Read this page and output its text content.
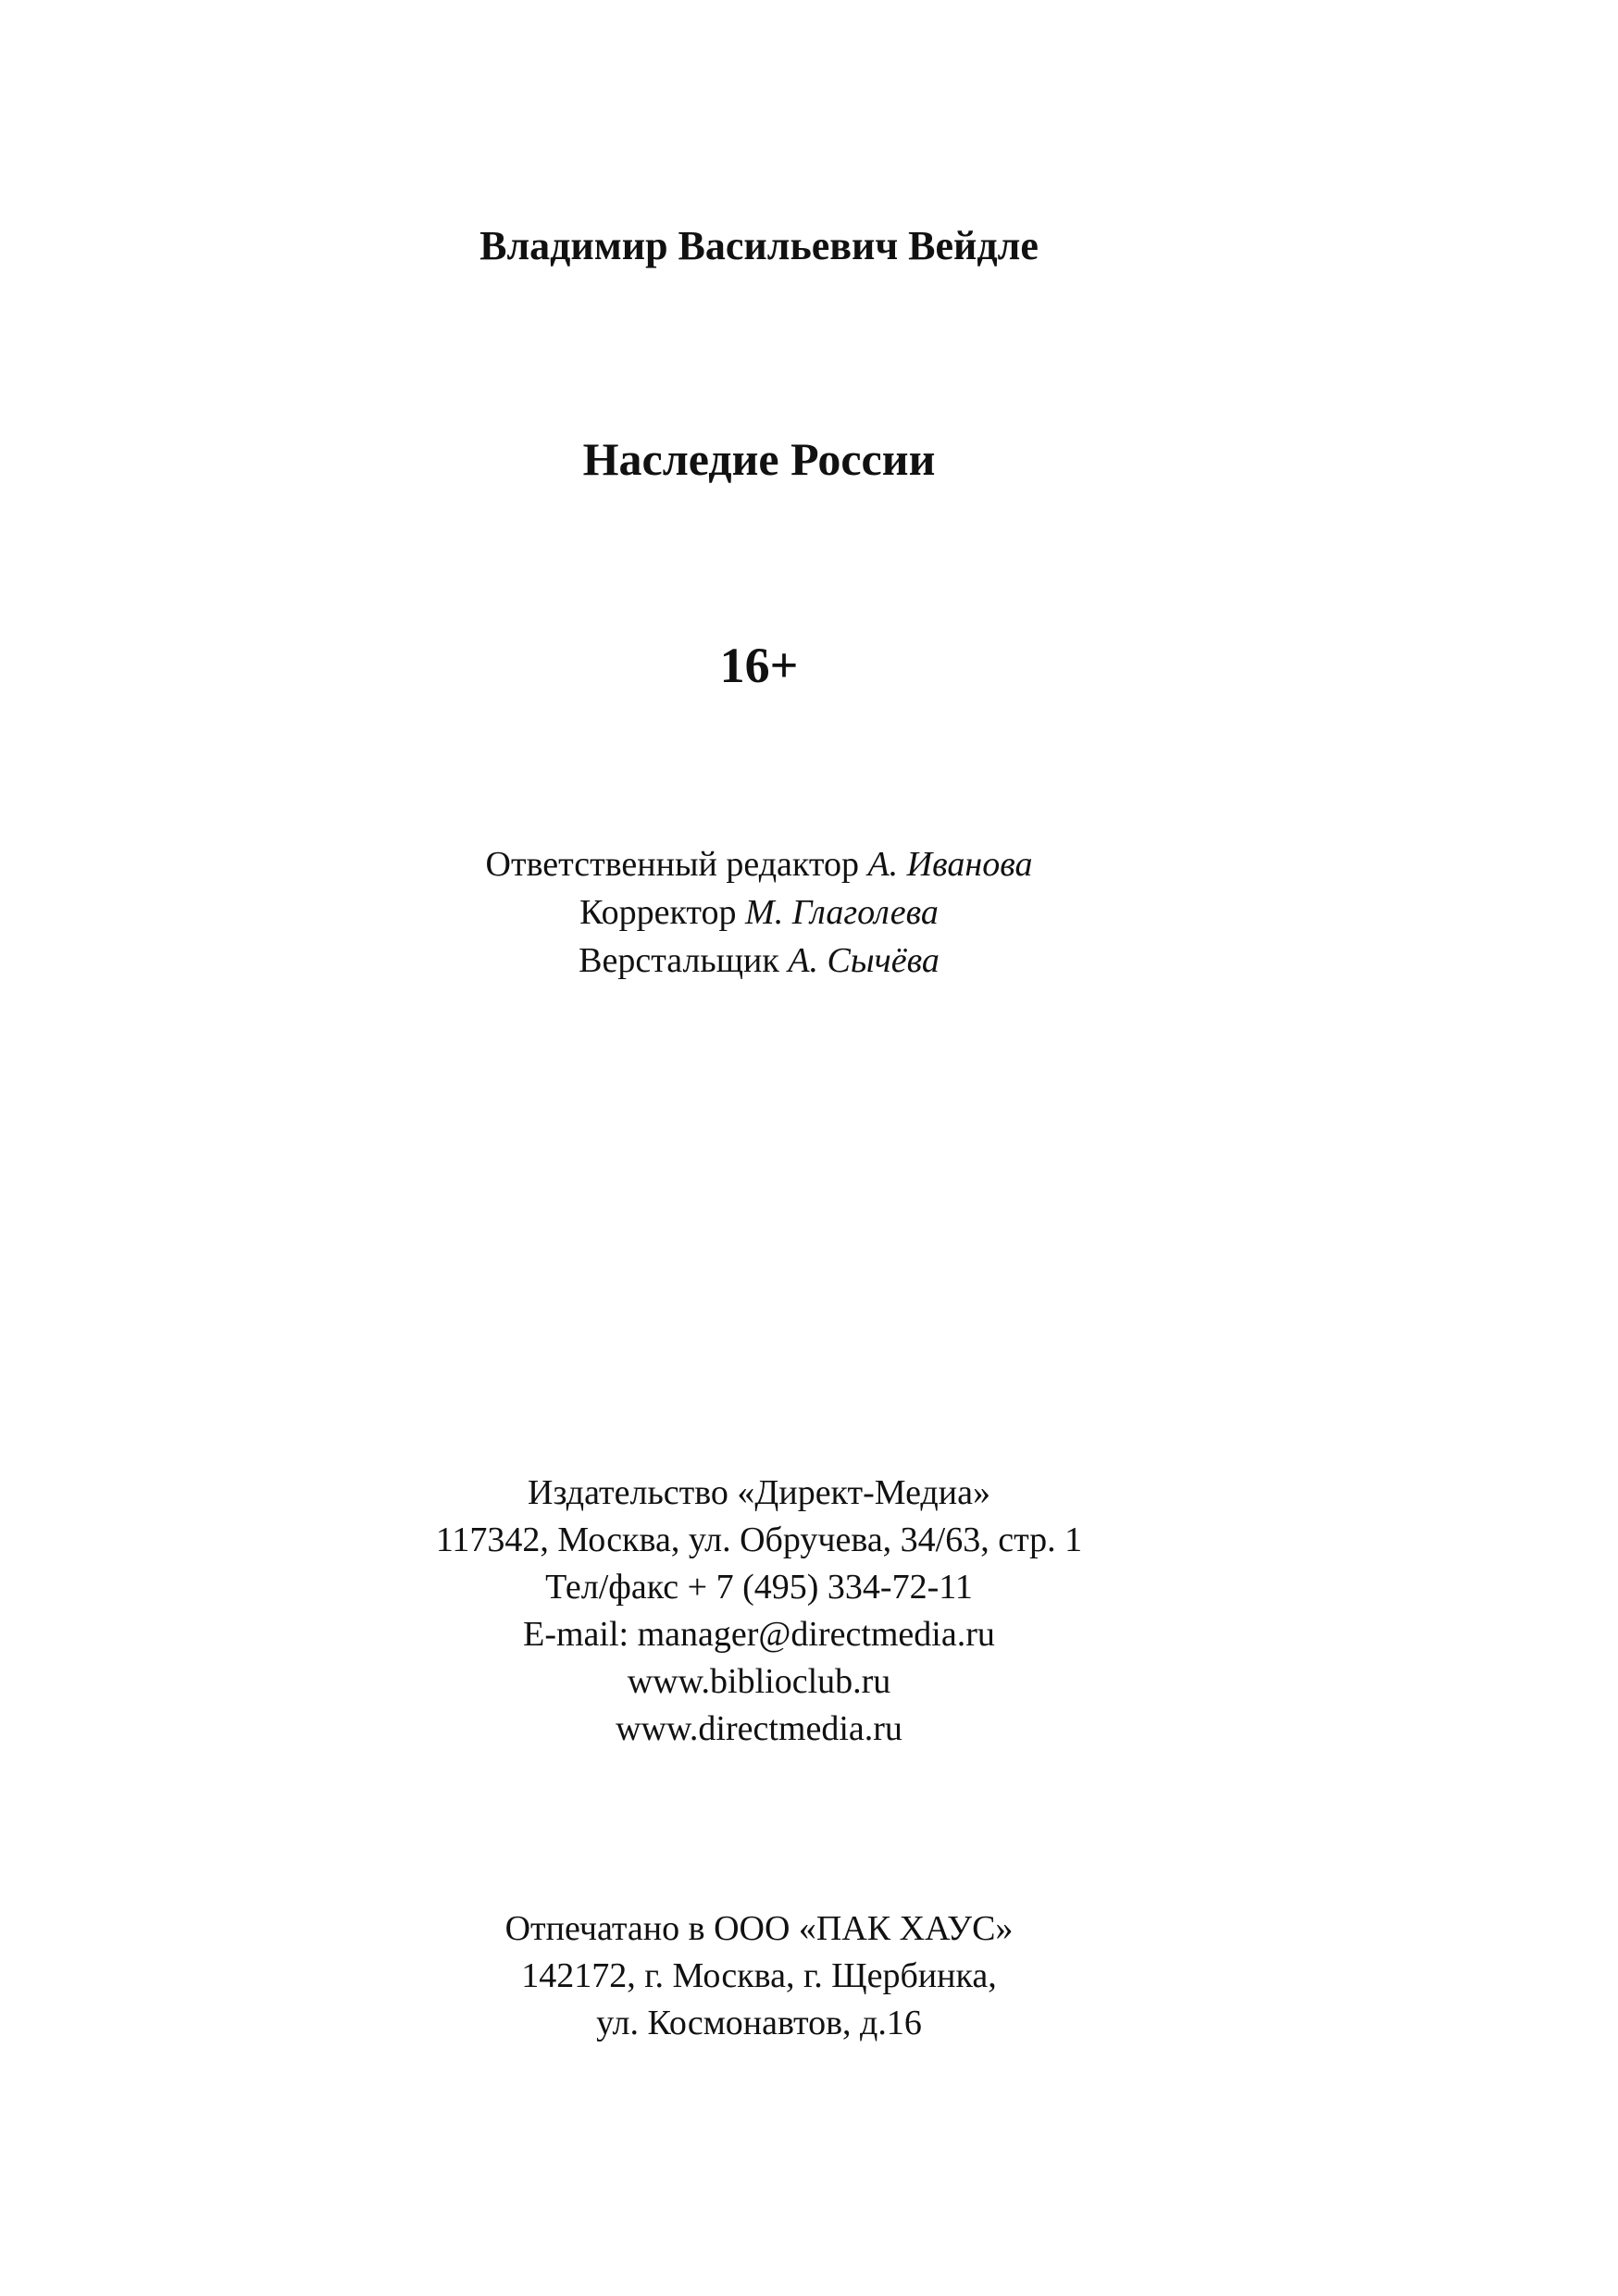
Владимир Васильевич Вейдле
Наследие России
16+
Ответственный редактор А. Иванова
Корректор М. Глаголева
Верстальщик А. Сычёва
Издательство «Директ-Медиа»
117342, Москва, ул. Обручева, 34/63, стр. 1
Тел/факс + 7 (495) 334-72-11
E-mail: manager@directmedia.ru
www.biblioclub.ru
www.directmedia.ru
Отпечатано в ООО «ПАК ХАУС»
142172, г. Москва, г. Щербинка,
ул. Космонавтов, д.16
